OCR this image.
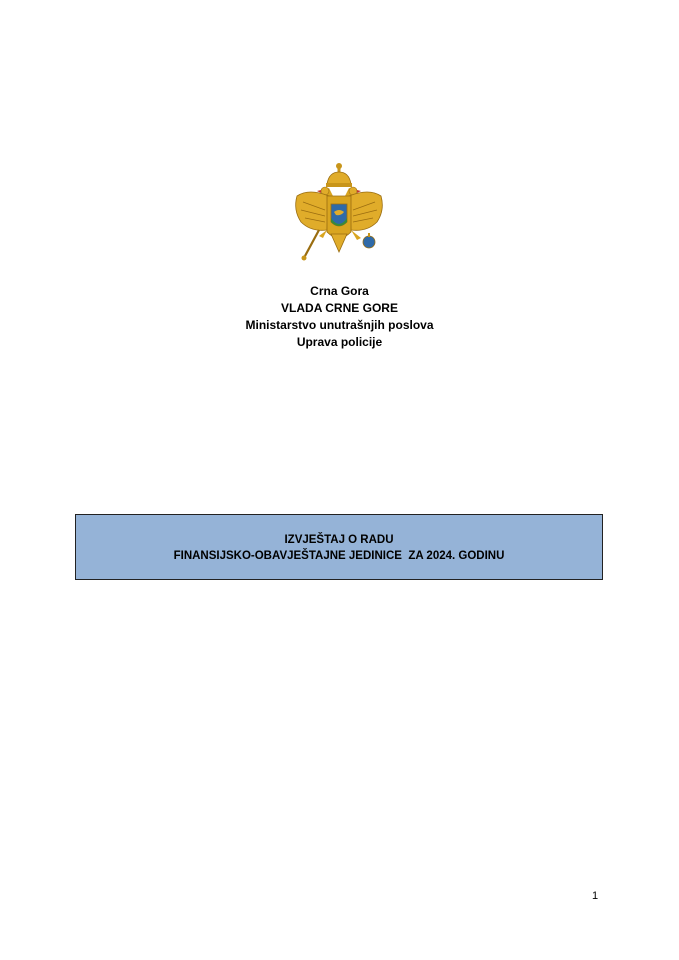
Crna Gora
VLADA CRNE GORE
Ministarstvo unutrašnjih poslova
Uprava policije
IZVJEŠTAJ O RADU
FINANSIJSKO-OBAVJEŠTAJNE JEDINICE  ZA 2024. GODINU
1
